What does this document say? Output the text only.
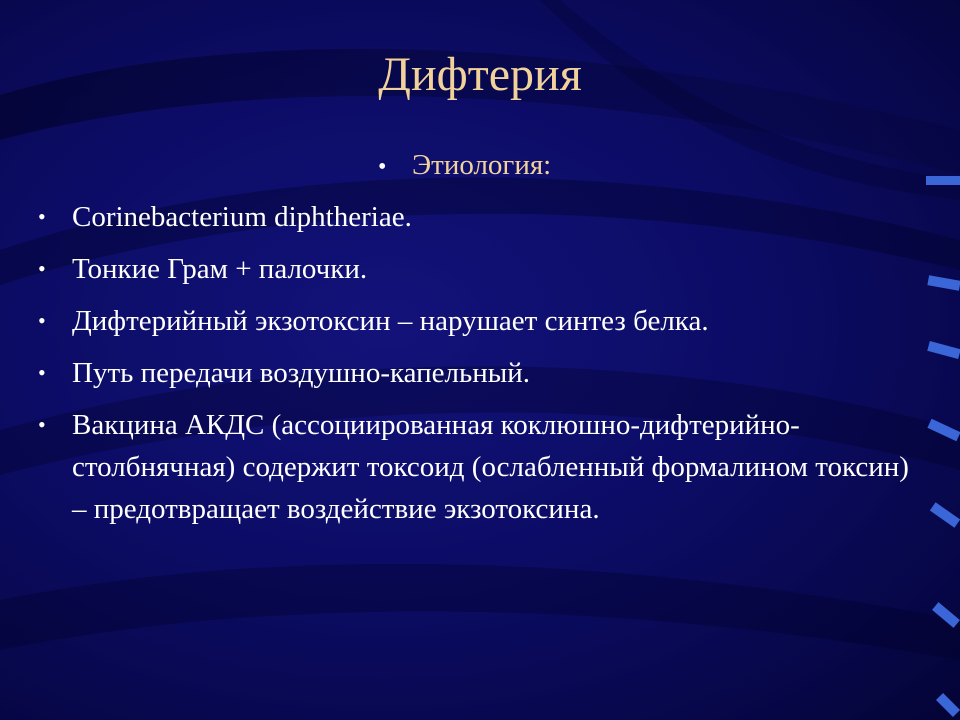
Дифтерия
• Этиология:
• Corinebacterium diphtheriae.
• Тонкие Грам + палочки.
• Дифтерийный экзотоксин – нарушает синтез белка.
• Путь передачи воздушно-капельный.
• Вакцина АКДС (ассоциированная коклюшно-дифтерийно-столбнячная) содержит токсоид (ослабленный формалином токсин) – предотвращает воздействие экзотоксина.
